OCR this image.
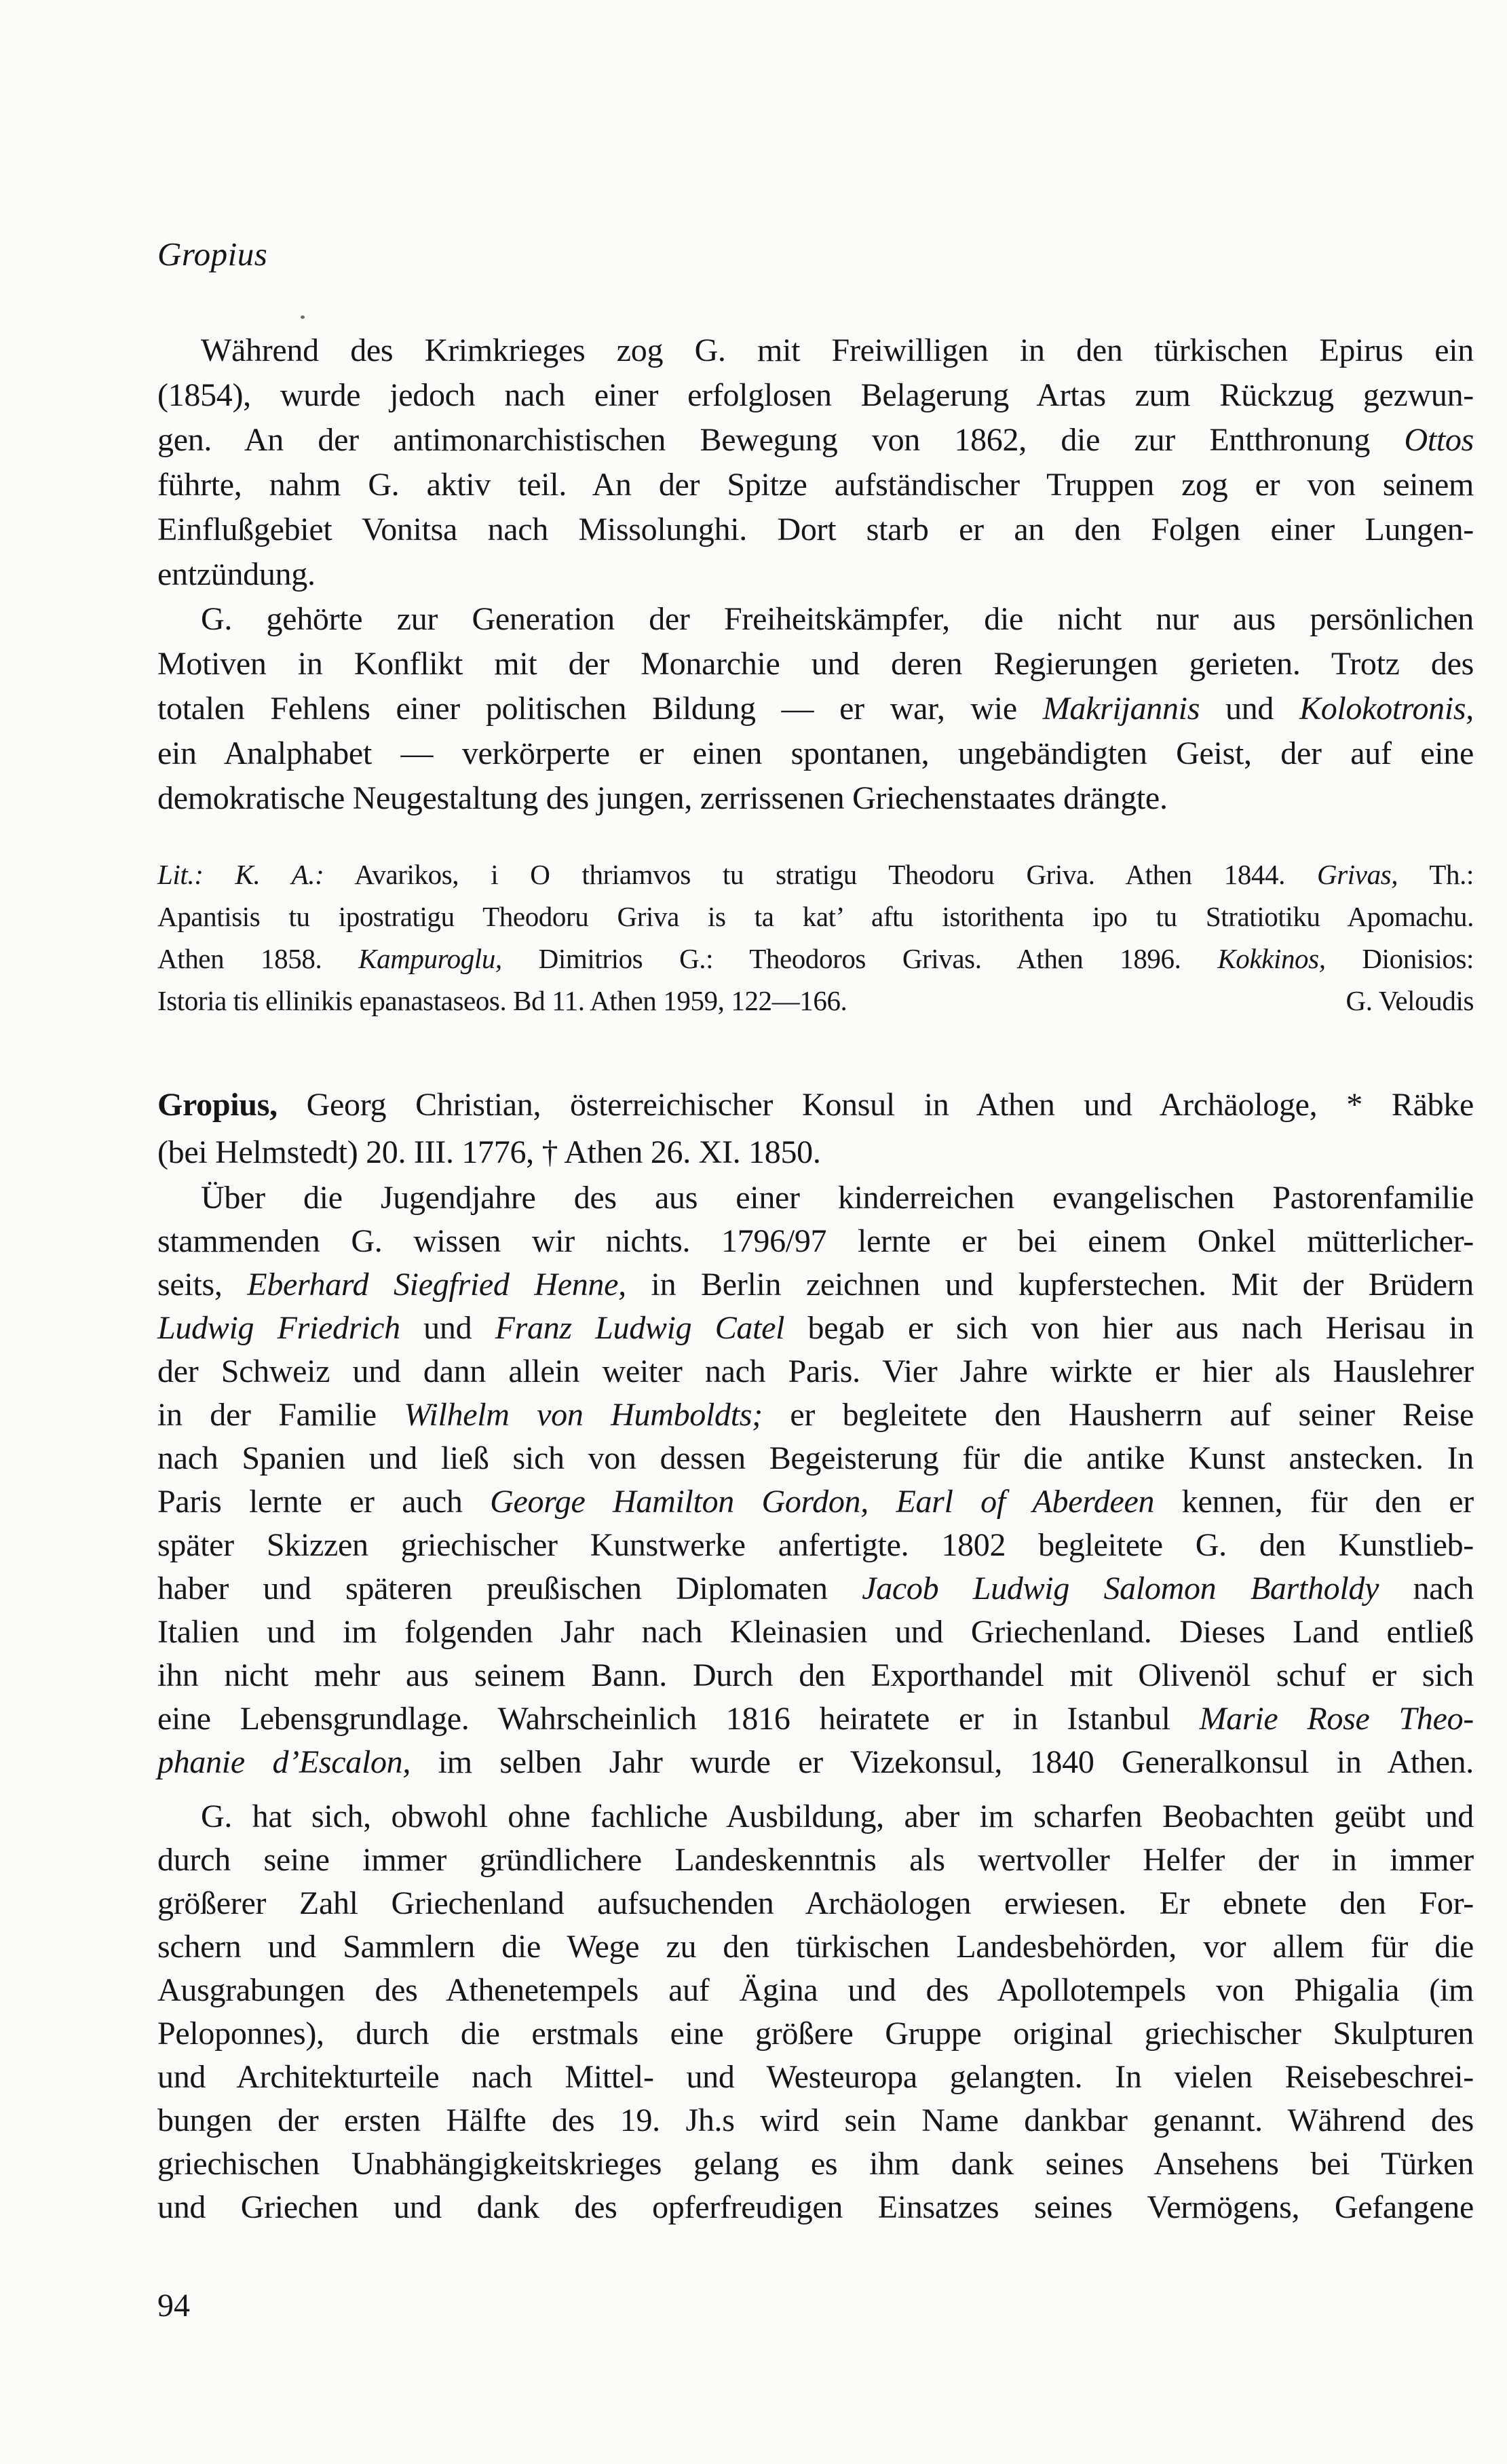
Gropius
Während des Krimkrieges zog G. mit Freiwilligen in den türkischen Epirus ein
(1854), wurde jedoch nach einer erfolglosen Belagerung Artas zum Rückzug gezwun-
gen. An der antimonarchistischen Bewegung von 1862, die zur Entthronung Ottos
führte, nahm G. aktiv teil. An der Spitze aufständischer Truppen zog er von seinem
Einflußgebiet Vonitsa nach Missolunghi. Dort starb er an den Folgen einer Lungen-
entzündung.
G. gehörte zur Generation der Freiheitskämpfer, die nicht nur aus persönlichen
Motiven in Konflikt mit der Monarchie und deren Regierungen gerieten. Trotz des
totalen Fehlens einer politischen Bildung — er war, wie Makrijannis und Kolokotronis,
ein Analphabet — verkörperte er einen spontanen, ungebändigten Geist, der auf eine
demokratische Neugestaltung des jungen, zerrissenen Griechenstaates drängte.
Lit.: K. A.: Avarikos, i O thriamvos tu stratigu Theodoru Griva. Athen 1844. Grivas, Th.:
Apantisis tu ipostratigu Theodoru Griva is ta kat’ aftu istorithenta ipo tu Stratiotiku Apomachu.
Athen 1858. Kampuroglu, Dimitrios G.: Theodoros Grivas. Athen 1896. Kokkinos, Dionisios:
Istoria tis ellinikis epanastaseos. Bd 11. Athen 1959, 122—166.	G. Veloudis
Gropius, Georg Christian, österreichischer Konsul in Athen und Archäologe, * Räbke
(bei Helmstedt) 20. III. 1776, † Athen 26. XI. 1850.
Über die Jugendjahre des aus einer kinderreichen evangelischen Pastorenfamilie
stammenden G. wissen wir nichts. 1796/97 lernte er bei einem Onkel mütterlicher-
seits, Eberhard Siegfried Henne, in Berlin zeichnen und kupferstechen. Mit der Brüdern
Ludwig Friedrich und Franz Ludwig Catel begab er sich von hier aus nach Herisau in
der Schweiz und dann allein weiter nach Paris. Vier Jahre wirkte er hier als Hauslehrer
in der Familie Wilhelm von Humboldts; er begleitete den Hausherrn auf seiner Reise
nach Spanien und ließ sich von dessen Begeisterung für die antike Kunst anstecken. In
Paris lernte er auch George Hamilton Gordon, Earl of Aberdeen kennen, für den er
später Skizzen griechischer Kunstwerke anfertigte. 1802 begleitete G. den Kunstlieb-
haber und späteren preußischen Diplomaten Jacob Ludwig Salomon Bartholdy nach
Italien und im folgenden Jahr nach Kleinasien und Griechenland. Dieses Land entließ
ihn nicht mehr aus seinem Bann. Durch den Exporthandel mit Olivenöl schuf er sich
eine Lebensgrundlage. Wahrscheinlich 1816 heiratete er in Istanbul Marie Rose Theo-
phanie d’Escalon, im selben Jahr wurde er Vizekonsul, 1840 Generalkonsul in Athen.
G. hat sich, obwohl ohne fachliche Ausbildung, aber im scharfen Beobachten geübt und
durch seine immer gründlichere Landeskenntnis als wertvoller Helfer der in immer
größerer Zahl Griechenland aufsuchenden Archäologen erwiesen. Er ebnete den For-
schern und Sammlern die Wege zu den türkischen Landesbehörden, vor allem für die
Ausgrabungen des Athenetempels auf Ägina und des Apollotempels von Phigalia (im
Peloponnes), durch die erstmals eine größere Gruppe original griechischer Skulpturen
und Architekturteile nach Mittel- und Westeuropa gelangten. In vielen Reisebeschrei-
bungen der ersten Hälfte des 19. Jh.s wird sein Name dankbar genannt. Während des
griechischen Unabhängigkeitskrieges gelang es ihm dank seines Ansehens bei Türken
und Griechen und dank des opferfreudigen Einsatzes seines Vermögens, Gefangene
94
